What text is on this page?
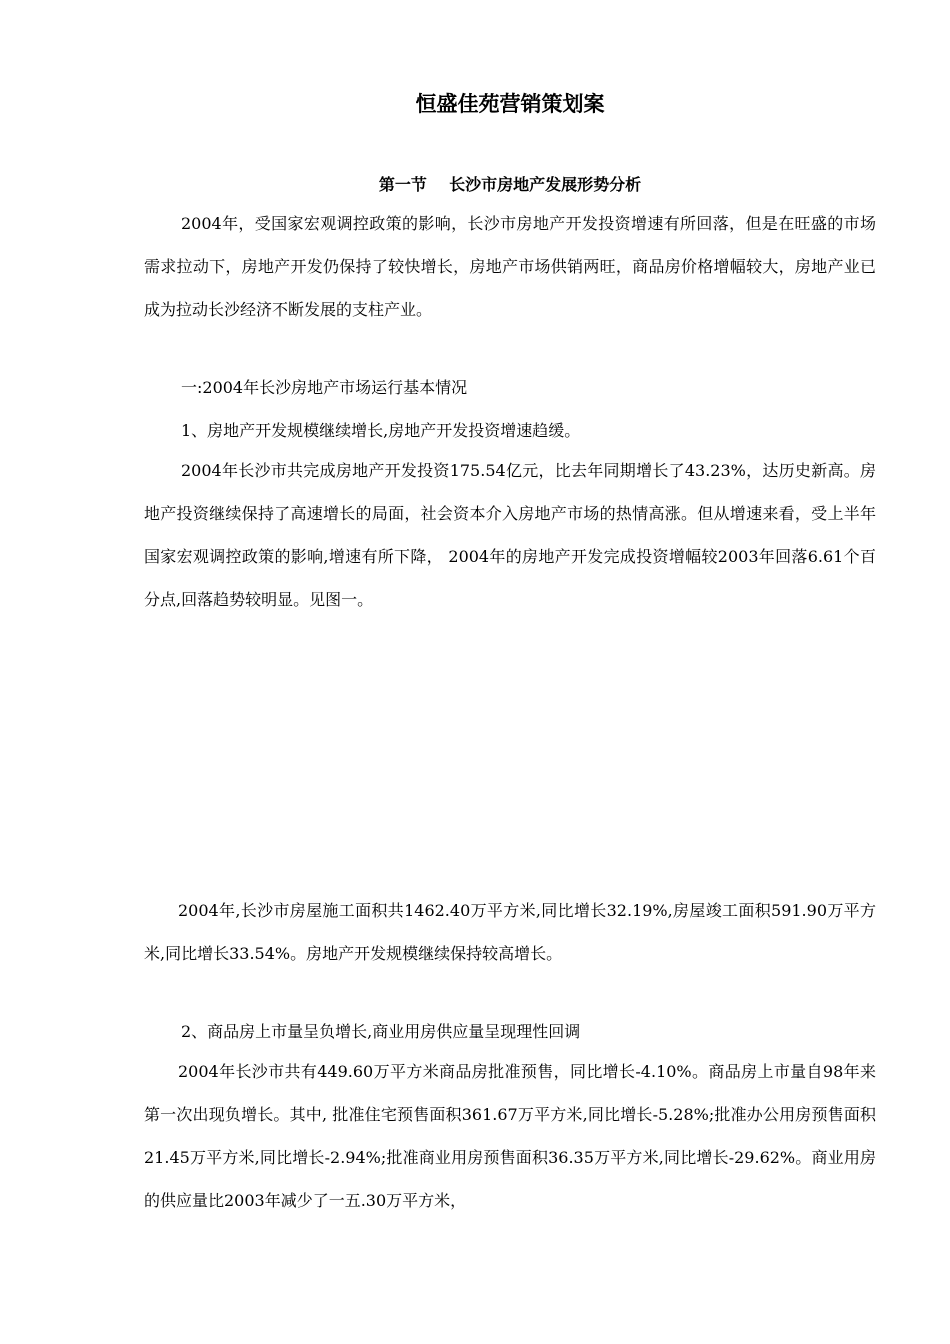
恒盛佳苑营销策划案
第一节    长沙市房地产发展形势分析

2004年，受国家宏观调控政策的影响，长沙市房地产开发投资增速有所回落，但是在旺盛的市场需求拉动下，房地产开发仍保持了较快增长，房地产市场供销两旺，商品房价格增幅较大，房地产业已成为拉动长沙经济不断发展的支柱产业。

一:2004年长沙房地产市场运行基本情况

1、房地产开发规模继续增长,房地产开发投资增速趋缓。

2004年长沙市共完成房地产开发投资175.54亿元，比去年同期增长了43.23%，达历史新高。房地产投资继续保持了高速增长的局面，社会资本介入房地产市场的热情高涨。但从增速来看，受上半年国家宏观调控政策的影响,增速有所下降， 2004年的房地产开发完成投资增幅较2003年回落6.61个百分点,回落趋势较明显。见图一。

2004年,长沙市房屋施工面积共1462.40万平方米,同比增长32.19%,房屋竣工面积591.90万平方米,同比增长33.54%。房地产开发规模继续保持较高增长。

2、商品房上市量呈负增长,商业用房供应量呈现理性回调

2004年长沙市共有449.60万平方米商品房批准预售，同比增长-4.10%。商品房上市量自98年来第一次出现负增长。其中, 批准住宅预售面积361.67万平方米,同比增长-5.28%;批准办公用房预售面积21.45万平方米,同比增长-2.94%;批准商业用房预售面积36.35万平方米,同比增长-29.62%。商业用房的供应量比2003年减少了一五.30万平方米，
